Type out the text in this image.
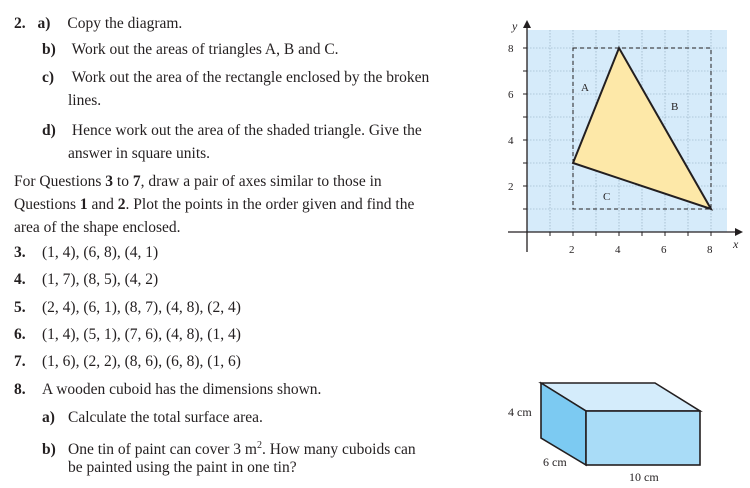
2. a) Copy the diagram.
b) Work out the areas of triangles A, B and C.
c) Work out the area of the rectangle enclosed by the broken
lines.
d) Hence work out the area of the shaded triangle. Give the
answer in square units.
For Questions 3 to 7, draw a pair of axes similar to those in
Questions 1 and 2. Plot the points in the order given and find the
area of the shape enclosed.
3. (1, 4), (6, 8), (4, 1)
4. (1, 7), (8, 5), (4, 2)
5. (2, 4), (6, 1), (8, 7), (4, 8), (2, 4)
6. (1, 4), (5, 1), (7, 6), (4, 8), (1, 4)
7. (1, 6), (2, 2), (8, 6), (6, 8), (1, 6)
8. A wooden cuboid has the dimensions shown.
a) Calculate the total surface area.
b) One tin of paint can cover 3 $m^2$. How many cuboids can
be painted using the paint in one tin?
x
y
2	4	6	8
2
4
6
8
A
B
C
4 cm
6 cm
10 cm
